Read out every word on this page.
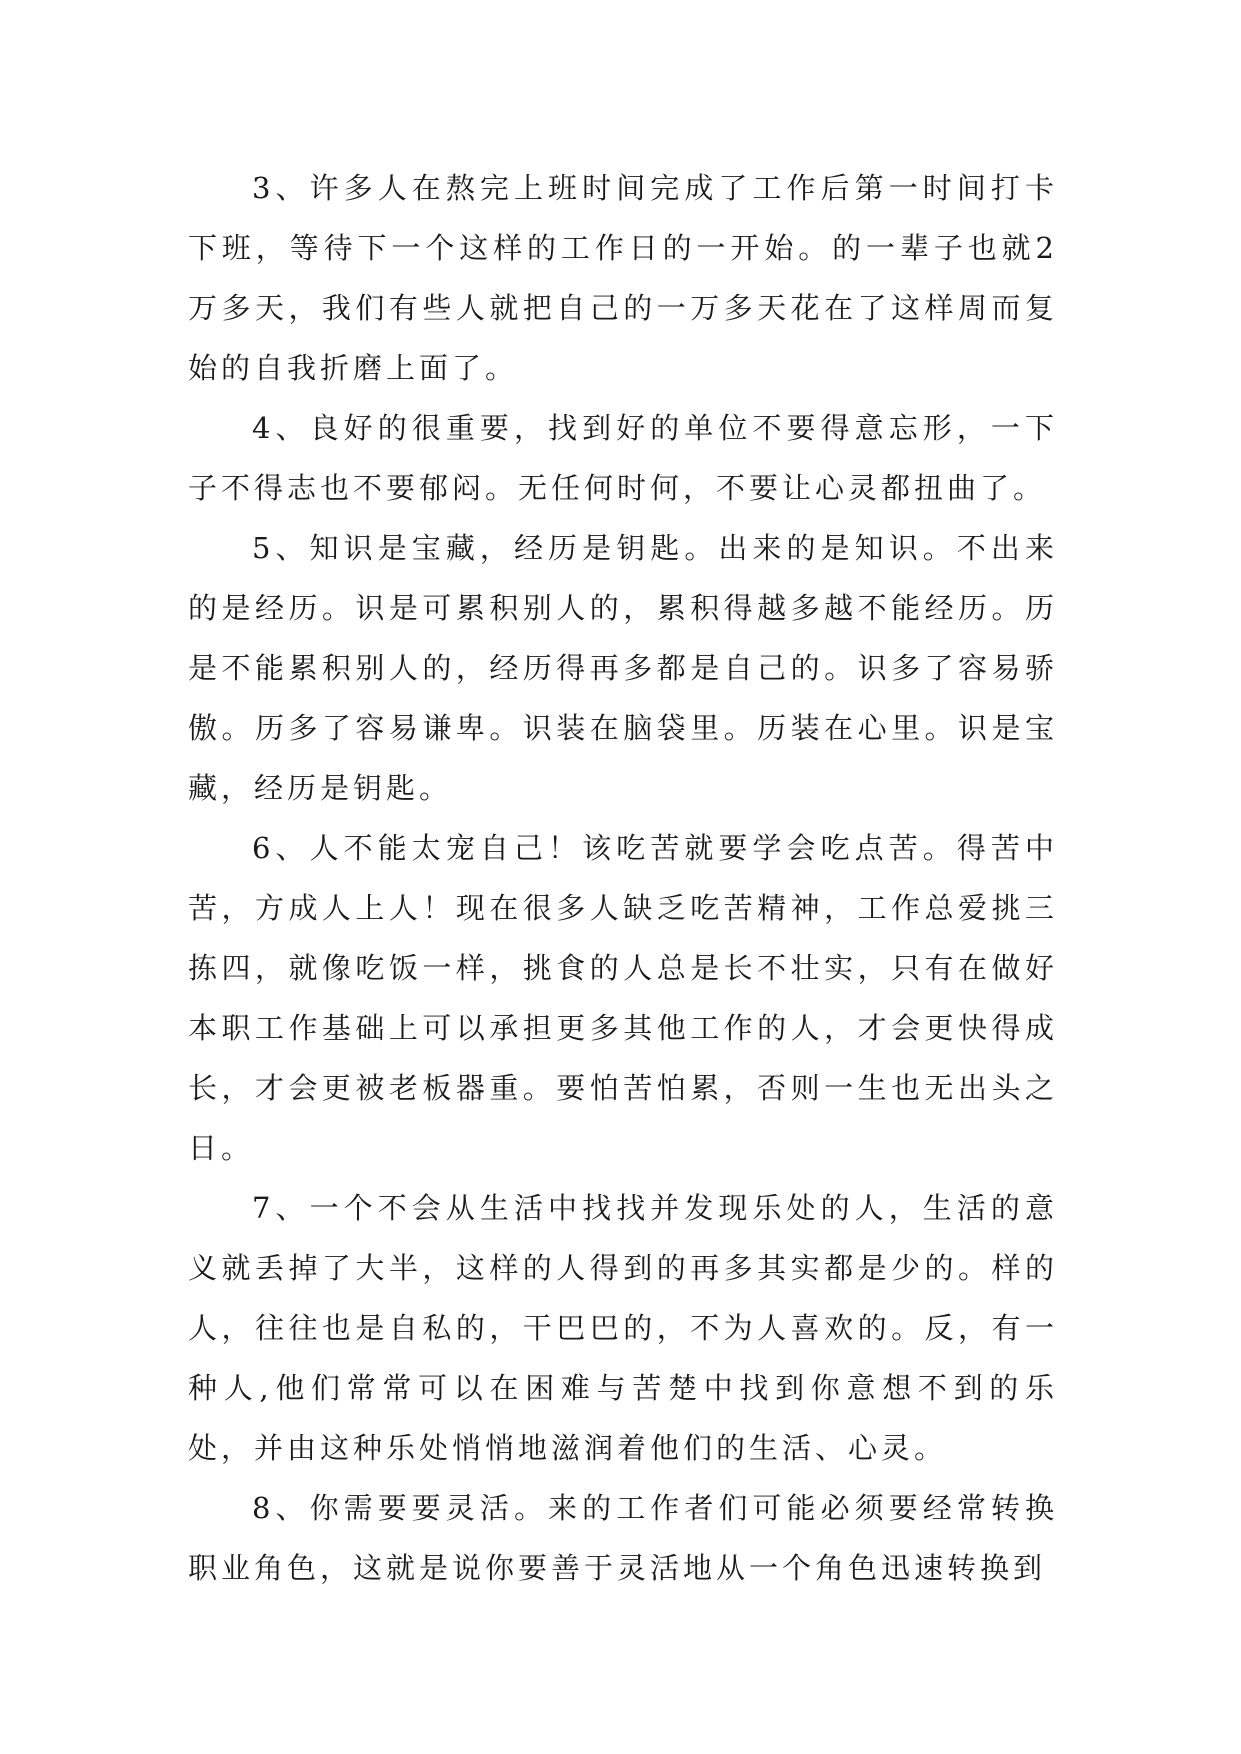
3、许多人在熬完上班时间完成了工作后第一时间打卡下班，等待下一个这样的工作日的一开始。的一辈子也就2万多天，我们有些人就把自己的一万多天花在了这样周而复始的自我折磨上面了。

4、良好的很重要，找到好的单位不要得意忘形，一下子不得志也不要郁闷。无任何时何，不要让心灵都扭曲了。

5、知识是宝藏，经历是钥匙。出来的是知识。不出来的是经历。识是可累积别人的，累积得越多越不能经历。历是不能累积别人的，经历得再多都是自己的。识多了容易骄傲。历多了容易谦卑。识装在脑袋里。历装在心里。识是宝藏，经历是钥匙。

6、人不能太宠自己！该吃苦就要学会吃点苦。得苦中苦，方成人上人！现在很多人缺乏吃苦精神，工作总爱挑三拣四，就像吃饭一样，挑食的人总是长不壮实，只有在做好本职工作基础上可以承担更多其他工作的人，才会更快得成长，才会更被老板器重。要怕苦怕累，否则一生也无出头之日。

7、一个不会从生活中找找并发现乐处的人，生活的意义就丢掉了大半，这样的人得到的再多其实都是少的。样的人，往往也是自私的，干巴巴的，不为人喜欢的。反，有一种人,他们常常可以在困难与苦楚中找到你意想不到的乐处，并由这种乐处悄悄地滋润着他们的生活、心灵。

8、你需要要灵活。来的工作者们可能必须要经常转换职业角色，这就是说你要善于灵活地从一个角色迅速转换到
